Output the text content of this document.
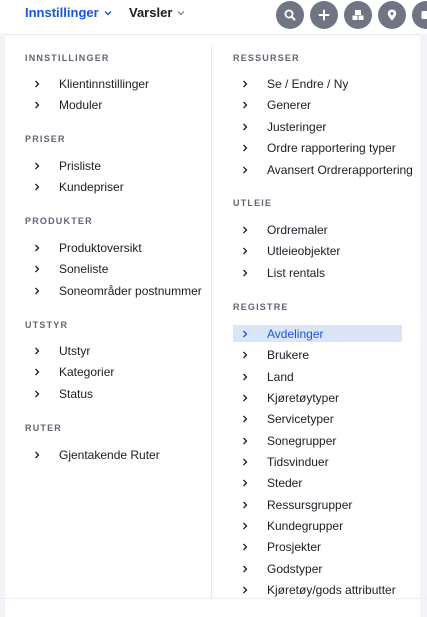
Innstillinger Varsler
INNSTILLINGER
Klientinnstillinger
Moduler
PRISER
Prisliste
Kundepriser
PRODUKTER
Produktoversikt
Soneliste
Soneområder postnummer
UTSTYR
Utstyr
Kategorier
Status
RUTER
Gjentakende Ruter
RESSURSER
Se / Endre / Ny
Generer
Justeringer
Ordre rapportering typer
Avansert Ordrerapportering
UTLEIE
Ordremaler
Utleieobjekter
List rentals
REGISTRE
Avdelinger
Brukere
Land
Kjøretøytyper
Servicetyper
Sonegrupper
Tidsvinduer
Steder
Ressursgrupper
Kundegrupper
Prosjekter
Godstyper
Kjøretøy/gods attributter
